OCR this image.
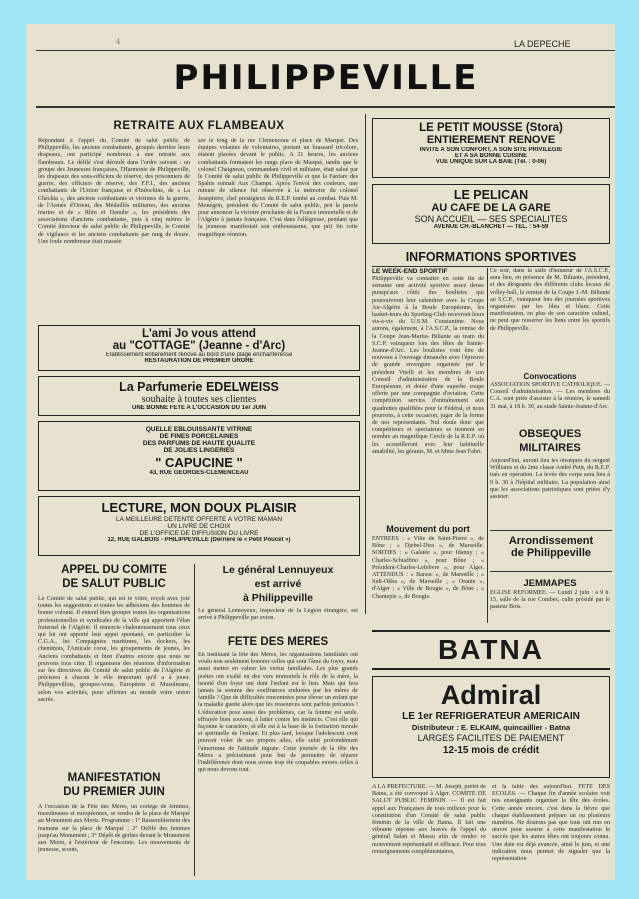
4	LA DEPECHE
PHILIPPEVILLE
RETRAITE AUX FLAMBEAUX
Répondant à l'appel du Comité de salut public de Philippeville, les anciens combattants, groupés derrière leurs drapeaux, ont participé nombreux à une retraite aux flambeaux. Le défilé s'est déroulé dans l'ordre suivant : un groupe des Jeunesses françaises, l'Harmonie de Philippeville, les drapeaux des sous-officiers de réserve, des prisonniers de guerre, des officiers de réserve, des F.F.I., des anciens combattants de l'Union française et d'Indochine, de « La Chéchia », des anciens combattants et victimes de la guerre, de l'Armée d'Orient, des Médaillés militaires, des anciens marins et de « Rhin et Danube », les présidents des associations d'anciens combattants, puis à cinq mètres le Comité directeur de salut public de Philippeville, le Comité de vigilance et les anciens combattants par rang de douze. Une foule nombreuse était massée
sée le long de la rue Clemenceau et place de Marqué. Des équipes volantes de volontaires, portant un brassard tricolore, étaient placées devant le public. A 21 heures, les anciens combattants formaient les rangs place de Marqué, tandis que le colonel Chaigneau, commandant civil et militaire, était salué par le Comité de salut public de Philippeville et que la Fanfare des Spahis sonnait Aux Champs. Après l'envoi des couleurs, une minute de silence fut observée à la mémoire du colonel Jeanpierre, chef prestigieux du R.E.P. tombé au combat. Puis M. Monégrin, président du Comité de salut public, prit la parole pour annoncer la victoire prochaine de la France immortelle et de l'Algérie à jamais française. C'est dans l'allégresse, pendant que la jeunesse manifestait son enthousiasme, que prit fin cette magnifique réunion.
L'ami Jo vous attend
au "COTTAGE" (Jeanne - d'Arc)
Etablissement entièrement rénové au bord d'une plage enchanteresse
RESTAURATION DE PREMIER ORDRE
La Parfumerie EDELWEISS
souhaite à toutes ses clientes
UNE BONNE FETE A L'OCCASION DU 1er JUIN
QUELLE EBLOUISSANTE VITRINE
DE FINES PORCELAINES
DES PARFUMS DE HAUTE QUALITE
DE JOLIES LINGERIES
" CAPUCINE "
43, RUE GEORGES-CLEMENCEAU
LECTURE, MON DOUX PLAISIR
LA MEILLEURE DETENTE OFFERTE A VOTRE MAMAN
UN LIVRE DE CHOIX
DE L'OFFICE DE DIFFUSION DU LIVRE
12, RUE GALBOIS - PHILIPPEVILLE (Derrière le « Petit Poucet »)
APPEL DU COMITE
DE SALUT PUBLIC
Le Comité de salut public, qui est le vôtre, reçoit avec joie toutes les suggestions et toutes les adhésions des hommes de bonne volonté. Il entend bien grouper toutes les organisations professionnelles et syndicales de la ville qui apportent l'élan fraternel de l'Algérie. Il remercie chaleureusement tous ceux qui lui ont apporté leur appui spontané, en particulier la C.G.A., les Compagnies maritimes, les dockers, les cheminots, l'Amicale corse, les groupements de jeunes, les Anciens combattants et bien d'autres encore que nous ne pouvons tous citer. Il organisera des réunions d'information sur les directives du Comité de salut public de l'Algérie et précisera à chacun le rôle important qu'il a à jouer. Philippevillois, groupez-vous, Européens et Musulmans, selon vos activités, pour affirmer au monde votre union sacrée.
MANIFESTATION
DU PREMIER JUIN
A l'occasion de la Fête des Mères, un cortège de femmes, musulmanes et européennes, se rendra de la place de Marqué au Monument aux Morts. Programme : 1° Rassemblement des mamans sur la place de Marqué ; 2° Défilé des femmes jusqu'au Monument ; 3° Dépôt de gerbes devant le Monument aux Morts, à l'extérieur de l'enceinte. Les mouvements de jeunesse, scouts,
Le général Lennuyeux
est arrivé
à Philippeville
Le général Lennuyeux, inspecteur de la Légion étrangère, est arrivé à Philippeville par avion.
FETE DES MERES
En instituant la fête des Mères, les organisations familiales ont voulu non seulement honorer celles qui sont l'âme du foyer, mais aussi mettre en valeur les vertus familiales. Les plus grands poètes ont exalté en des vers immortels le rôle de la mère, la beauté d'un foyer uni dont l'enfant est le lien. Mais qui fera jamais la somme des souffrances endurées par les mères de famille ? Que de difficultés rencontrées pour élever un enfant que la maladie guette alors que les ressources sont parfois précaires ! L'éducation pose aussi des problèmes, car la femme est seule, effrayée bien souvent, à lutter contre les instincts. C'est elle qui façonne le caractère, et elle est à la base de la formation morale et spirituelle de l'enfant. Et plus tard, lorsque l'adolescent croit pouvoir voler de ses propres ailes, elle subit profondément l'amertume de l'attitude ingrate. Cette journée de la fête des Mères a précisément pour but de permettre de réparer l'indifférence dont nous avons trop été coupables envers celles à qui nous devons tout.
LE PETIT MOUSSE (Stora)
ENTIEREMENT RENOVE
INVITE A SON CONFORT, A SON SITE PRIVILEGIE
ET A SA BONNE CUISINE
VUE UNIQUE SUR LA BAIE (Tél. : 0-06)
LE PELICAN
AU CAFE DE LA GARE
SON ACCUEIL — SES SPECIALITES
AVENUE CH.-BLANCHET — TEL. : 54-59
INFORMATIONS SPORTIVES
LE WEEK-END SPORTIF
Philippeville va connaître en cette fin de semaine une activité sportive assez dense puisqu'aux côtés des boulistes qui poursuivront leur calendrier avec la Coupe Air-Algérie à la Boule Européenne, les basket-teurs du Sporting-Club recevront leurs vis-à-vis du U.S.M. Constantine. Nous aurons, également, à l'A.S.C.P., la remise de la Coupe Jean-Marius Biliante au team du S.C.P. vainqueur lors des fêtes de Sainte-Jeanne-d'Arc. Les boulistes vont être de nouveau à l'ouvrage dimanche avec l'épreuve de grande envergure organisée par le président Vitelli et les membres de son Conseil d'administration de la Boule Européenne, et dotée d'une superbe coupe offerte par une compagnie d'aviation. Cette compétition servira d'entraînement aux quadrettes qualifiées pour le Fédéral, et nous pourrons, à cette occasion, juger de la forme de nos représentants. Nul doute donc que compétiteurs et spectateurs se tiennent en nombre au magnifique Cercle de la R.E.P. où les accueilleront avec leur habituelle amabilité, les gérants, M. et Mme Jean Fabri.
Ce soir, dans la salle d'honneur de l'A.S.C.P., aura lieu, en présence de M. Biliante, président, et des dirigeants des différents clubs locaux de volley-ball, la remise de la Coupe J.-M. Biliante au S.C.P., vainqueur lors des journées sportives organisées par les bleu et blanc. Cette manifestation, en plus de son caractère cultuel, ne peut que resserrer les liens entre les sportifs de Philippeville.
Convocations
ASSOCIATION SPORTIVE CATHOLIQUE. — Conseil d'administration. — Les membres du C.A. sont priés d'assister à la réunion, le samedi 31 mai, à 18 h. 30, au stade Sainte-Jeanne-d'Arc.
OBSEQUES
MILITAIRES
Aujourd'hui, auront lieu les obsèques du sergent Williams et du 2me classe André Petit, du R.E.P. tués en opération. La levée des corps aura lieu à 9 h. 30 à l'hôpital militaire. La population ainsi que les associations patriotiques sont priées d'y assister.
Mouvement du port
ENTREES : « Ville de Saint-Pierre », de Bône ; « Djebel-Dira », de Marseille. SORTIES : « Galatée », pour Idanuy ; « Charles-Schiaffino », pour Bône ; « Président-Charles-Lefebvre », pour Alger. ATTENDUS : « Barsac », de Marseille ; « Sidi-Okba », de Marseille ; « Oranie », d'Alger ; « Ville de Bougie », de Bône ; « Chantepie », de Bougie.
Arrondissement
de Philippeville
JEMMAPES
EGLISE REFORMEE. — Lundi 2 juin : à 9 h. 15, salle de la rue Combes, culte présidé par le pasteur Bois.
BATNA
Admiral
LE 1er REFRIGERATEUR AMERICAIN
Distributeur : E. ELKAIM, quincaillier - Batna
LARGES FACILITES DE PAIEMENT
12-15 mois de crédit
A LA PREFECTURE. — M. Joseph, préfet de Batna, a été convoqué à Alger. COMITE DE SALUT PUBLIC FEMININ. — Il est fait appel aux Françaises de tous milieux pour la constitution d'un Comité de salut public féminin de la ville de Batna. Il fait une vibrante réponse aux braves de l'appel du général Salan et Massu afin de rendre ce mouvement représentatif et efficace. Pour tous renseignements complémentaires,
et la table des aujourd'hui. FETE DES ECOLES. — Chaque fin d'année scolaire voit nos enseignants organiser la fête des écoles. Cette année encore, c'est dans la fièvre que chaque établissement prépare un ou plusieurs numéros. Ne doutons pas que tous ont mis en œuvre pour assurer à cette manifestation le succès que les autres fêtes ont toujours connu. Une date est déjà avancée, ainsi le juin, et une indication nous permet de signaler que la représentation
